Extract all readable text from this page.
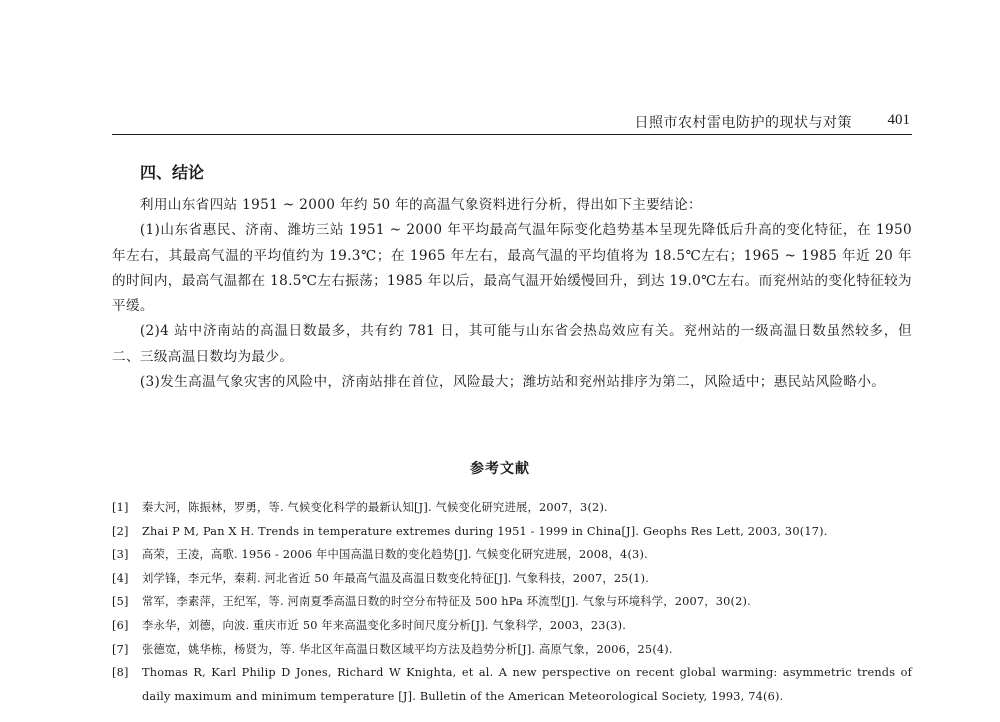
日照市农村雷电防护的现状与对策 401
四、结论

利用山东省四站 1951 ~ 2000 年约 50 年的高温气象资料进行分析，得出如下主要结论：

(1)山东省惠民、济南、潍坊三站 1951 ~ 2000 年平均最高气温年际变化趋势基本呈现先降低后升高的变化特征，在 1950 年左右，其最高气温的平均值约为 19.3℃；在 1965 年左右，最高气温的平均值将为 18.5℃左右；1965 ~ 1985 年近 20 年的时间内，最高气温都在 18.5℃左右振荡；1985 年以后，最高气温开始缓慢回升，到达 19.0℃左右。而兖州站的变化特征较为平缓。

(2)4 站中济南站的高温日数最多，共有约 781 日，其可能与山东省会热岛效应有关。兖州站的一级高温日数虽然较多，但二、三级高温日数均为最少。

(3)发生高温气象灾害的风险中，济南站排在首位，风险最大；潍坊站和兖州站排序为第二，风险适中；惠民站风险略小。

参考文献
[1] 秦大河，陈振林，罗勇，等. 气候变化科学的最新认知[J]. 气候变化研究进展，2007，3(2).
[2] Zhai P M, Pan X H. Trends in temperature extremes during 1951 - 1999 in China[J]. Geophs Res Lett, 2003, 30(17).
[3] 高荣，王凌，高歌. 1956 - 2006 年中国高温日数的变化趋势[J]. 气候变化研究进展，2008，4(3).
[4] 刘学锋，李元华，秦莉. 河北省近 50 年最高气温及高温日数变化特征[J]. 气象科技，2007，25(1).
[5] 常军，李素萍，王纪军，等. 河南夏季高温日数的时空分布特征及 500 hPa 环流型[J]. 气象与环境科学，2007，30(2).
[6] 李永华，刘德，向波. 重庆市近 50 年来高温变化多时间尺度分析[J]. 气象科学，2003，23(3).
[7] 张德宽，姚华栋，杨贤为，等. 华北区年高温日数区域平均方法及趋势分析[J]. 高原气象，2006，25(4).
[8] Thomas R, Karl Philip D Jones, Richard W Knighta, et al. A new perspective on recent global warming: asymmetric trends of daily maximum and minimum temperature [J]. Bulletin of the American Meteorological Society, 1993, 74(6).
